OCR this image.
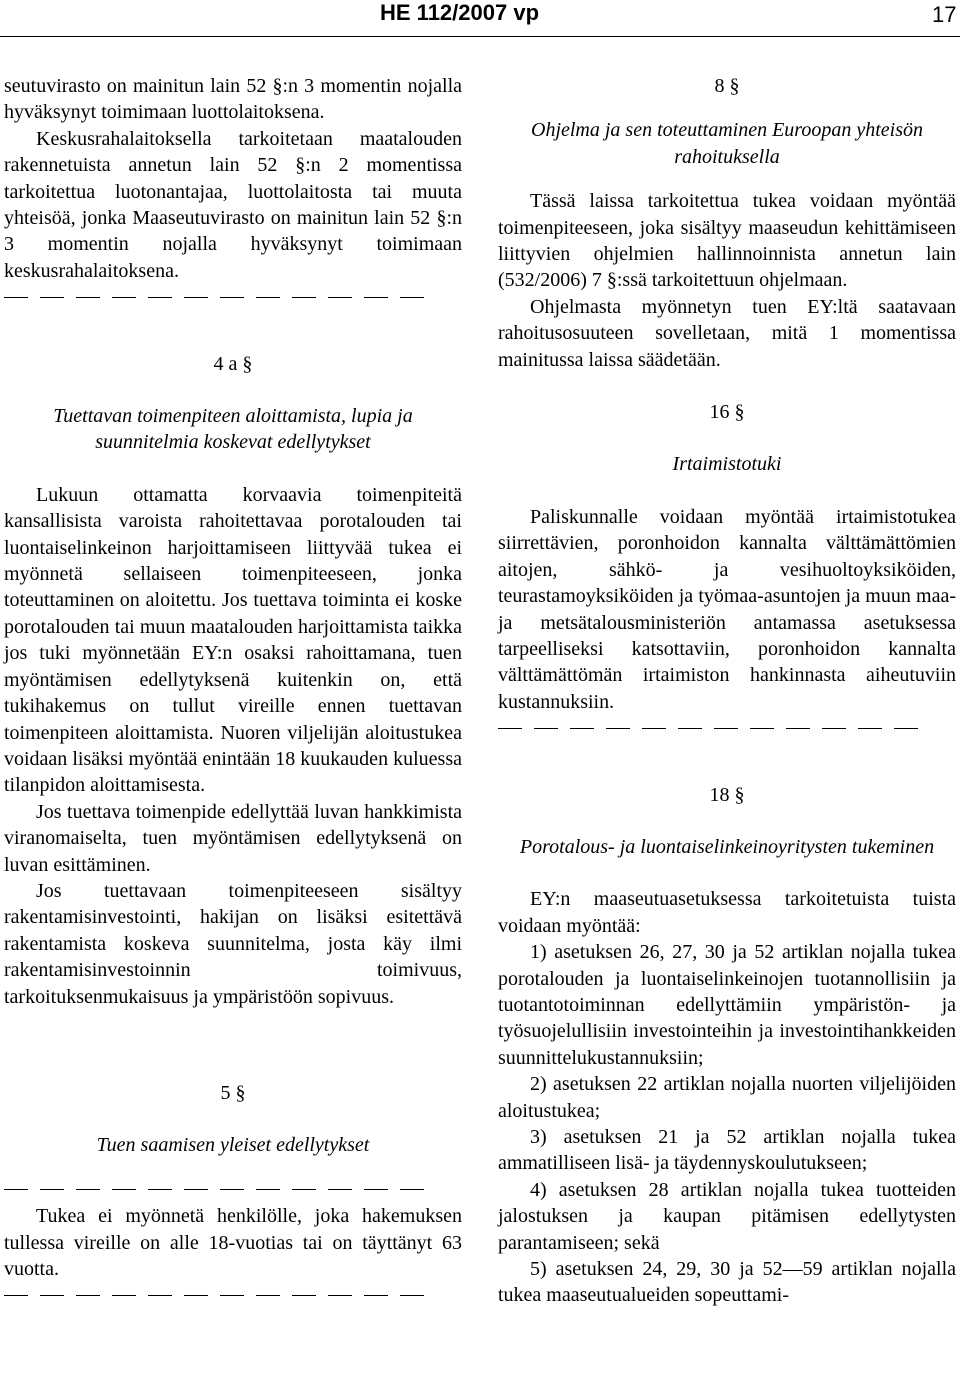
HE 112/2007 vp	17

seutuvirasto on mainitun lain 52 §:n 3 momentin nojalla hyväksynyt toimimaan luottolaitoksena.

Keskusrahalaitoksella tarkoitetaan maatalouden rakennetuista annetun lain 52 §:n 2 momentissa tarkoitettua luotonantajaa, luottolaitosta tai muuta yhteisöä, jonka Maaseutuvirasto on mainitun lain 52 §:n 3 momentin nojalla hyväksynyt toimimaan keskusrahalaitoksena.

4 a §

Tuettavan toimenpiteen aloittamista, lupia ja suunnitelmia koskevat edellytykset

Lukuun ottamatta korvaavia toimenpiteitä kansallisista varoista rahoitettavaa porotalouden tai luontaiselinkeinon harjoittamiseen liittyvää tukea ei myönnetä sellaiseen toimenpiteeseen, jonka toteuttaminen on aloitettu. Jos tuettava toiminta ei koske porotalouden tai muun maatalouden harjoittamista taikka jos tuki myönnetään EY:n osaksi rahoittamana, tuen myöntämisen edellytyksenä kuitenkin on, että tukihakemus on tullut vireille ennen tuettavan toimenpiteen aloittamista. Nuoren viljelijän aloitustukea voidaan lisäksi myöntää enintään 18 kuukauden kuluessa tilanpidon aloittamisesta.

Jos tuettava toimenpide edellyttää luvan hankkimista viranomaiselta, tuen myöntämisen edellytyksenä on luvan esittäminen.

Jos tuettavaan toimenpiteeseen sisältyy rakentamisinvestointi, hakijan on lisäksi esitettävä rakentamista koskeva suunnitelma, josta käy ilmi rakentamisinvestoinnin toimivuus, tarkoituksenmukaisuus ja ympäristöön sopivuus.

5 §

Tuen saamisen yleiset edellytykset

Tukea ei myönnetä henkilölle, joka hakemuksen tullessa vireille on alle 18-vuotias tai on täyttänyt 63 vuotta.

8 §

Ohjelma ja sen toteuttaminen Euroopan yhteisön rahoituksella

Tässä laissa tarkoitettua tukea voidaan myöntää toimenpiteeseen, joka sisältyy maaseudun kehittämiseen liittyvien ohjelmien hallinnoinnista annetun lain (532/2006) 7 §:ssä tarkoitettuun ohjelmaan.

Ohjelmasta myönnetyn tuen EY:ltä saatavaan rahoitusosuuteen sovelletaan, mitä 1 momentissa mainitussa laissa säädetään.

16 §

Irtaimistotuki

Paliskunnalle voidaan myöntää irtaimistotukea siirrettävien, poronhoidon kannalta välttämättömien aitojen, sähkö- ja vesihuoltoyksiköiden, teurastamoyksiköiden ja työmaa-asuntojen ja muun maa- ja metsätalousministeriön antamassa asetuksessa tarpeelliseksi katsottaviin, poronhoidon kannalta välttämättömän irtaimiston hankinnasta aiheutuviin kustannuksiin.

18 §

Porotalous- ja luontaiselinkeinoyritysten tukeminen

EY:n maaseutuasetuksessa tarkoitetuista tuista voidaan myöntää:

1) asetuksen 26, 27, 30 ja 52 artiklan nojalla tukea porotalouden ja luontaiselinkeinojen tuotannollisiin ja tuotantotoiminnan edellyttämiin ympäristön- ja työsuojelullisiin investointeihin ja investointihankkeiden suunnittelukustannuksiin;

2) asetuksen 22 artiklan nojalla nuorten viljelijöiden aloitustukea;

3) asetuksen 21 ja 52 artiklan nojalla tukea ammatilliseen lisä- ja täydennyskoulutukseen;

4) asetuksen 28 artiklan nojalla tukea tuotteiden jalostuksen ja kaupan pitämisen edellytysten parantamiseen; sekä

5) asetuksen 24, 29, 30 ja 52—59 artiklan nojalla tukea maaseutualueiden sopeuttami-
